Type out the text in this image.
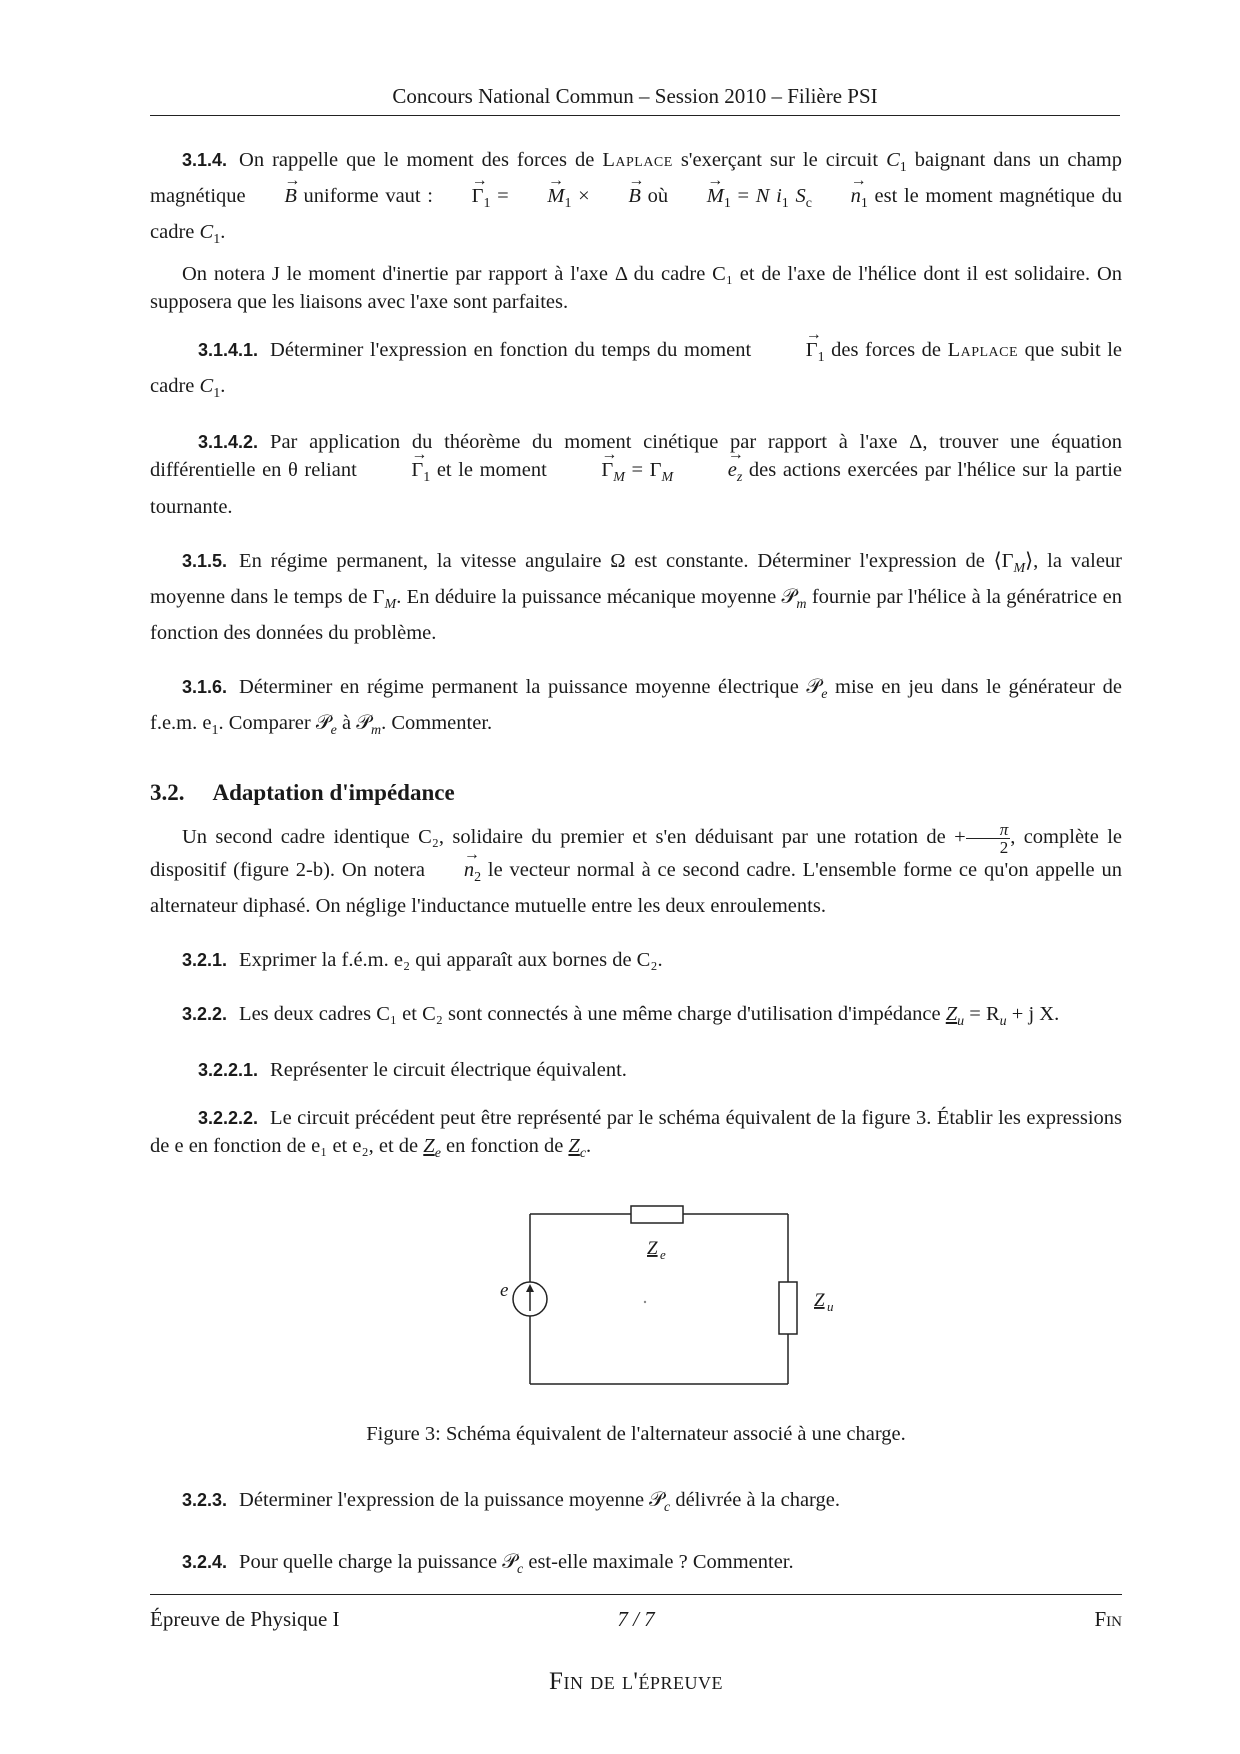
Concours National Commun – Session 2010 – Filière PSI

3.1.4. On rappelle que le moment des forces de Laplace s'exerçant sur le circuit $C_1$ baignant dans un champ magnétique → B uniforme vaut : → $\Gamma_1$ = → $M_1$ × → B où → $M_1 = N$ $i_1$ $S_c \to n_1$ est le moment magnétique du cadre $C_1$.

On notera J le moment d'inertie par rapport à l'axe Δ du cadre C₁ et de l'axe de l'hélice dont il est solidaire. On supposera que les liaisons avec l'axe sont parfaites.

3.1.4.1. Déterminer l'expression en fonction du temps du moment → $\Gamma_1$ des forces de Laplace que subit le cadre $C_1$.

3.1.4.2. Par application du théorème du moment cinétique par rapport à l'axe Δ, trouver une équation différentielle en θ reliant → $\Gamma_1$ et le moment → $\Gamma_M = \Gamma_M$	→ $e_z$ des actions exercées par l'hélice sur la partie tournante.

3.1.5. En régime permanent, la vitesse angulaire Ω est constante. Déterminer l'expression de $⟨\Gamma_M⟩$, la valeur moyenne dans le temps de $\Gamma_M$. En déduire la puissance mécanique moyenne 𝒫$_m$ fournie par l'hélice à la génératrice en fonction des données du problème.

3.1.6. Déterminer en régime permanent la puissance moyenne électrique 𝒫$_e$ mise en jeu dans le générateur de f.e.m. $e_1$. Comparer 𝒫$_e$ à 𝒫$_m$. Commenter.

3.2. Adaptation d'impédance

Un second cadre identique C₂, solidaire du premier et s'en déduisant par une rotation de + $\frac{\pi}{2}$ , complète le dispositif (figure 2-b). On notera → $n_2$ le vecteur normal à ce second cadre. L'ensemble forme ce qu'on appelle un alternateur diphasé. On néglige l'inductance mutuelle entre les deux enroulements.

3.2.1. Exprimer la f.é.m. e₂ qui apparaît aux bornes de C₂.

3.2.2. Les deux cadres C₁ et C₂ sont connectés à une même charge d'utilisation d'impédance $Z_u = R_u + j$ X.

3.2.2.1. Représenter le circuit électrique équivalent.

3.2.2.2. Le circuit précédent peut être représenté par le schéma équivalent de la figure 3. Établir les expressions de e en fonction de e₁ et e₂, et de $Z_e$ en fonction de $Z_c$.

e
Z e
Z u

Figure 3: Schéma équivalent de l'alternateur associé à une charge.

3.2.3. Déterminer l'expression de la puissance moyenne 𝒫$_c$ délivrée à la charge.

3.2.4. Pour quelle charge la puissance 𝒫$_c$ est-elle maximale ? Commenter.

Fin de l'épreuve
Épreuve de Physique I	7 / 7	Fin
